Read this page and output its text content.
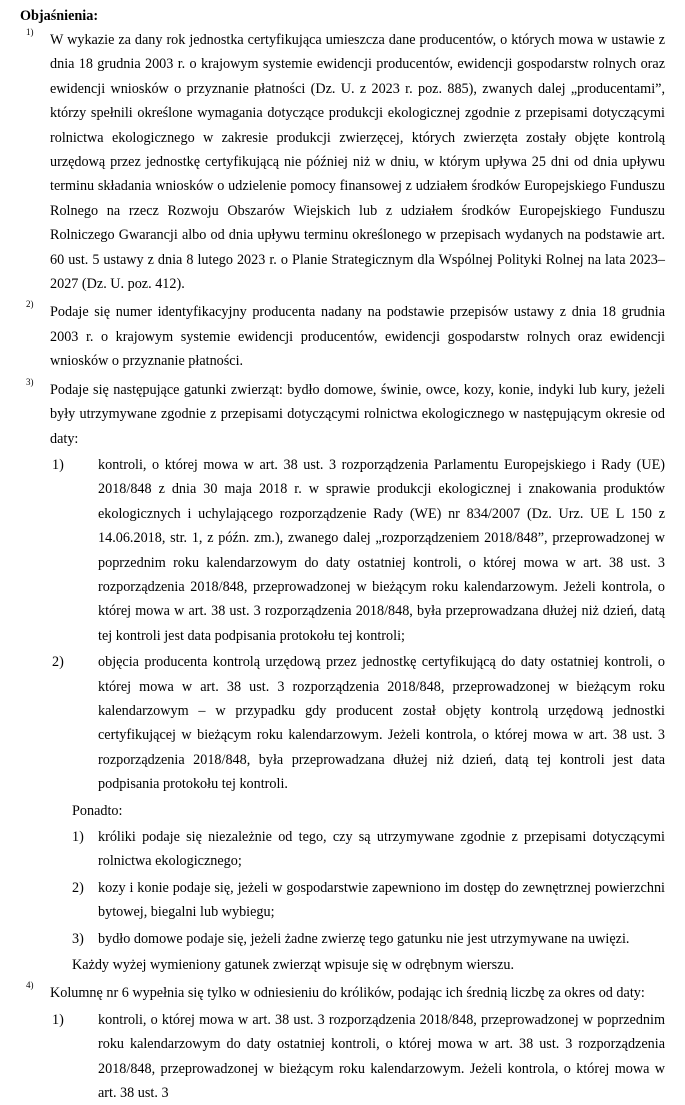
Objaśnienia:

1) W wykazie za dany rok jednostka certyfikująca umieszcza dane producentów, o których mowa w ustawie z dnia 18 grudnia 2003 r. o krajowym systemie ewidencji producentów, ewidencji gospodarstw rolnych oraz ewidencji wniosków o przyznanie płatności (Dz. U. z 2023 r. poz. 885), zwanych dalej „producentami”, którzy spełnili określone wymagania dotyczące produkcji ekologicznej zgodnie z przepisami dotyczącymi rolnictwa ekologicznego w zakresie produkcji zwierzęcej, których zwierzęta zostały objęte kontrolą urzędową przez jednostkę certyfikującą nie później niż w dniu, w którym upływa 25 dni od dnia upływu terminu składania wniosków o udzielenie pomocy finansowej z udziałem środków Europejskiego Funduszu Rolnego na rzecz Rozwoju Obszarów Wiejskich lub z udziałem środków Europejskiego Funduszu Rolniczego Gwarancji albo od dnia upływu terminu określonego w przepisach wydanych na podstawie art. 60 ust. 5 ustawy z dnia 8 lutego 2023 r. o Planie Strategicznym dla Wspólnej Polityki Rolnej na lata 2023–2027 (Dz. U. poz. 412).

2) Podaje się numer identyfikacyjny producenta nadany na podstawie przepisów ustawy z dnia 18 grudnia 2003 r. o krajowym systemie ewidencji producentów, ewidencji gospodarstw rolnych oraz ewidencji wniosków o przyznanie płatności.

3) Podaje się następujące gatunki zwierząt: bydło domowe, świnie, owce, kozy, konie, indyki lub kury, jeżeli były utrzymywane zgodnie z przepisami dotyczącymi rolnictwa ekologicznego w następującym okresie od daty:

1) kontroli, o której mowa w art. 38 ust. 3 rozporządzenia Parlamentu Europejskiego i Rady (UE) 2018/848 z dnia 30 maja 2018 r. w sprawie produkcji ekologicznej i znakowania produktów ekologicznych i uchylającego rozporządzenie Rady (WE) nr 834/2007 (Dz. Urz. UE L 150 z 14.06.2018, str. 1, z późn. zm.), zwanego dalej „rozporządzeniem 2018/848”, przeprowadzonej w poprzednim roku kalendarzowym do daty ostatniej kontroli, o której mowa w art. 38 ust. 3 rozporządzenia 2018/848, przeprowadzonej w bieżącym roku kalendarzowym. Jeżeli kontrola, o której mowa w art. 38 ust. 3 rozporządzenia 2018/848, była przeprowadzana dłużej niż dzień, datą tej kontroli jest data podpisania protokołu tej kontroli;
2) objęcia producenta kontrolą urzędową przez jednostkę certyfikującą do daty ostatniej kontroli, o której mowa w art. 38 ust. 3 rozporządzenia 2018/848, przeprowadzonej w bieżącym roku kalendarzowym – w przypadku gdy producent został objęty kontrolą urzędową jednostki certyfikującej w bieżącym roku kalendarzowym. Jeżeli kontrola, o której mowa w art. 38 ust. 3 rozporządzenia 2018/848, była przeprowadzana dłużej niż dzień, datą tej kontroli jest data podpisania protokołu tej kontroli.
Ponadto:
1) króliki podaje się niezależnie od tego, czy są utrzymywane zgodnie z przepisami dotyczącymi rolnictwa ekologicznego;
2) kozy i konie podaje się, jeżeli w gospodarstwie zapewniono im dostęp do zewnętrznej powierzchni bytowej, biegalni lub wybiegu;
3) bydło domowe podaje się, jeżeli żadne zwierzę tego gatunku nie jest utrzymywane na uwięzi.
Każdy wyżej wymieniony gatunek zwierząt wpisuje się w odrębnym wierszu.
4) Kolumnę nr 6 wypełnia się tylko w odniesieniu do królików, podając ich średnią liczbę za okres od daty:

1) kontroli, o której mowa w art. 38 ust. 3 rozporządzenia 2018/848, przeprowadzonej w poprzednim roku kalendarzowym do daty ostatniej kontroli, o której mowa w art. 38 ust. 3 rozporządzenia 2018/848, przeprowadzonej w bieżącym roku kalendarzowym. Jeżeli kontrola, o której mowa w art. 38 ust. 3
